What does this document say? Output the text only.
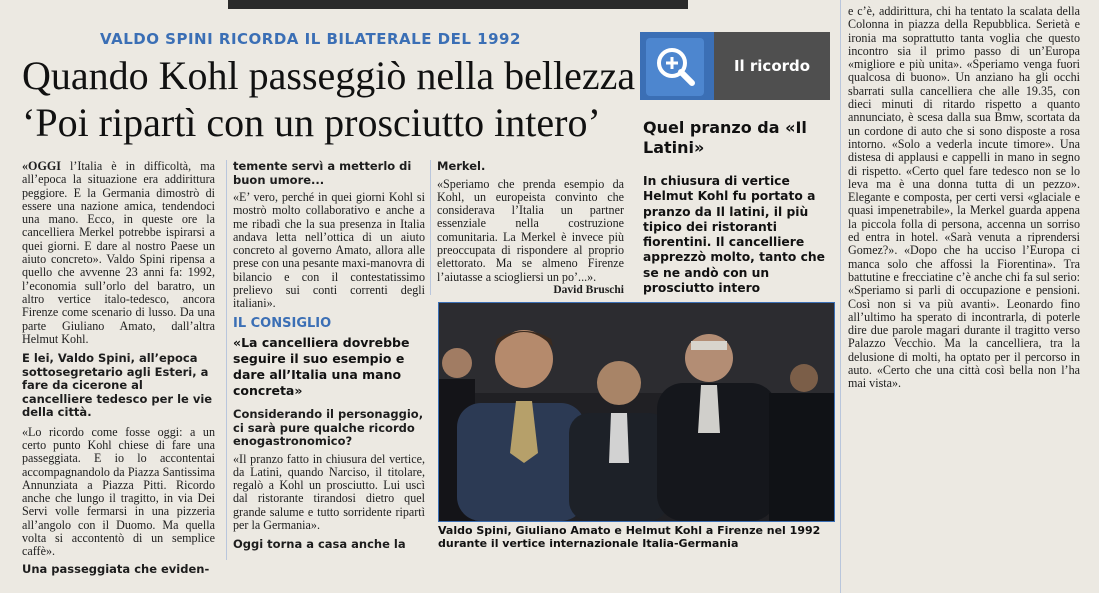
VALDO SPINI RICORDA IL BILATERALE DEL 1992
Quando Kohl passeggiò nella bellezza
‘Poi ripartì con un prosciutto intero’

«OGGI l’Italia è in difficoltà, ma all’epoca la situazione era addirittura peggiore. E la Germania dimostrò di essere una nazione amica, tendendoci una mano. Ecco, in queste ore la cancelliera Merkel potrebbe ispirarsi a quei giorni. E dare al nostro Paese un aiuto concreto». Valdo Spini ripensa a quello che avvenne 23 anni fa: 1992, l’economia sull’orlo del baratro, un altro vertice italo-tedesco, ancora Firenze come scenario di lusso. Da una parte Giuliano Amato, dall’altra Helmut Kohl.

E lei, Valdo Spini, all’epoca sottosegretario agli Esteri, a fare da cicerone al cancelliere tedesco per le vie della città.

«Lo ricordo come fosse oggi: a un certo punto Kohl chiese di fare una passeggiata. E io lo accontentai accompagnandolo da Piazza Santissima Annunziata a Piazza Pitti. Ricordo anche che lungo il tragitto, in via Dei Servi volle fermarsi in una pizzeria all’angolo con il Duomo. Ma quella volta si accontentò di un semplice caffè».

Una passeggiata che eviden-

temente servì a metterlo di buon umore...

«E’ vero, perché in quei giorni Kohl si mostrò molto collaborativo e anche a me ribadì che la sua presenza in Italia andava letta nell’ottica di un aiuto concreto al governo Amato, allora alle prese con una pesante maxi-manovra di bilancio e con il contestatissimo prelievo sui conti correnti degli italiani».

IL CONSIGLIO
«La cancelliera dovrebbe seguire il suo esempio e dare all’Italia una mano concreta»

Considerando il personaggio, ci sarà pure qualche ricordo enogastronomico?

«Il pranzo fatto in chiusura del vertice, da Latini, quando Narciso, il titolare, regalò a Kohl un prosciutto. Lui uscì dal ristorante tirandosi dietro quel grande salume e tutto sorridente ripartì per la Germania».

Oggi torna a casa anche la

Merkel.

«Speriamo che prenda esempio da Kohl, un europeista convinto che considerava l’Italia un partner essenziale nella costruzione comunitaria. La Merkel è invece più preoccupata di rispondere al proprio elettorato. Ma se almeno Firenze l’aiutasse a sciogliersi un po’...».

David Bruschi

Il ricordo
Quel pranzo da «Il Latini»
In chiusura di vertice Helmut Kohl fu portato a pranzo da Il latini, il più tipico dei ristoranti fiorentini. Il cancelliere apprezzò molto, tanto che se ne andò con un prosciutto intero
Valdo Spini, Giuliano Amato e Helmut Kohl a Firenze nel 1992
durante il vertice internazionale Italia-Germania

e c’è, addirittura, chi ha tentato la scalata della Colonna in piazza della Repubblica. Serietà e ironia ma soprattutto tanta voglia che questo incontro sia il primo passo di un’Europa «migliore e più unita». «Speriamo venga fuori qualcosa di buono». Un anziano ha gli occhi sbarrati sulla cancelliera che alle 19.35, con dieci minuti di ritardo rispetto a quanto annunciato, è scesa dalla sua Bmw, scortata da un cordone di auto che si sono disposte a rosa intorno. «Solo a vederla incute timore». Una distesa di applausi e cappelli in mano in segno di rispetto. «Certo quel fare tedesco non se lo leva ma è una donna tutta di un pezzo». Elegante e composta, per certi versi «glaciale e quasi impenetrabile», la Merkel guarda appena la piccola folla di persona, accenna un sorriso ed entra in hotel. «Sarà venuta a riprendersi Gomez?». «Dopo che ha ucciso l’Europa ci manca solo che affossi la Fiorentina». Tra battutine e frecciatine c’è anche chi fa sul serio: «Speriamo si parli di occupazione e pensioni. Così non si va più avanti». Leonardo fino all’ultimo ha sperato di incontrarla, di poterle dire due parole magari durante il tragitto verso Palazzo Vecchio. Ma la cancelliera, tra la delusione di molti, ha optato per il percorso in auto. «Certo che una città così bella non l’ha mai vista».
